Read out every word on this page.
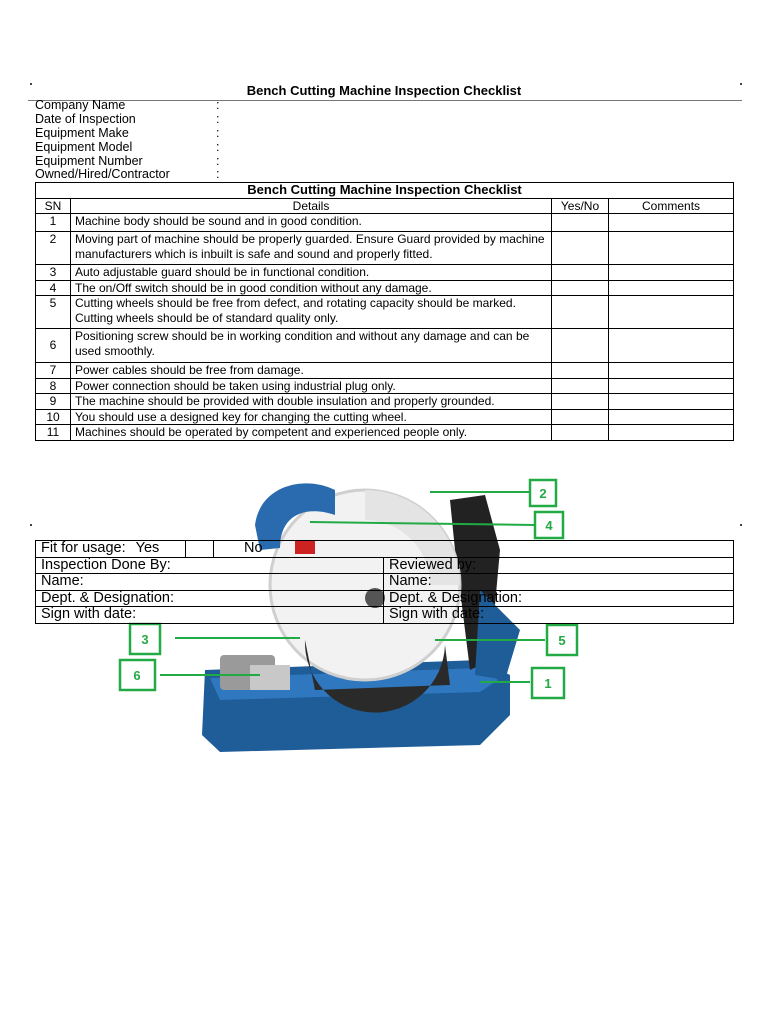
Bench Cutting Machine Inspection Checklist
Company Name	:
Date of Inspection	:
Equipment Make	:
Equipment Model	:
Equipment Number	:
Owned/Hired/Contractor	:
Bench Cutting Machine Inspection Checklist			
SN	Details	Yes/No	Comments
1	Machine body should be sound and in good condition.		
2	Moving part of machine should be properly guarded. Ensure Guard provided by machine manufacturers which is inbuilt is safe and sound and properly fitted.		
3	Auto adjustable guard should be in functional condition.		
4	The on/Off switch should be in good condition without any damage.		
5	Cutting wheels should be free from defect, and rotating capacity should be marked. Cutting wheels should be of standard quality only.		
6	Positioning screw should be in working condition and without any damage and can be used smoothly.		
7	Power cables should be free from damage.		
8	Power connection should be taken using industrial plug only.		
9	The machine should be provided with double insulation and properly grounded.		
10	You should use a designed key for changing the cutting wheel.		
11	Machines should be operated by competent and experienced people only.		
2
4
3	5
6
1
Fit for usage: Yes		No	
Inspection Done By:			Reviewed by:
Name:			Name:
Dept. & Designation:			Dept. & Designation:
Sign with date:			Sign with date:
